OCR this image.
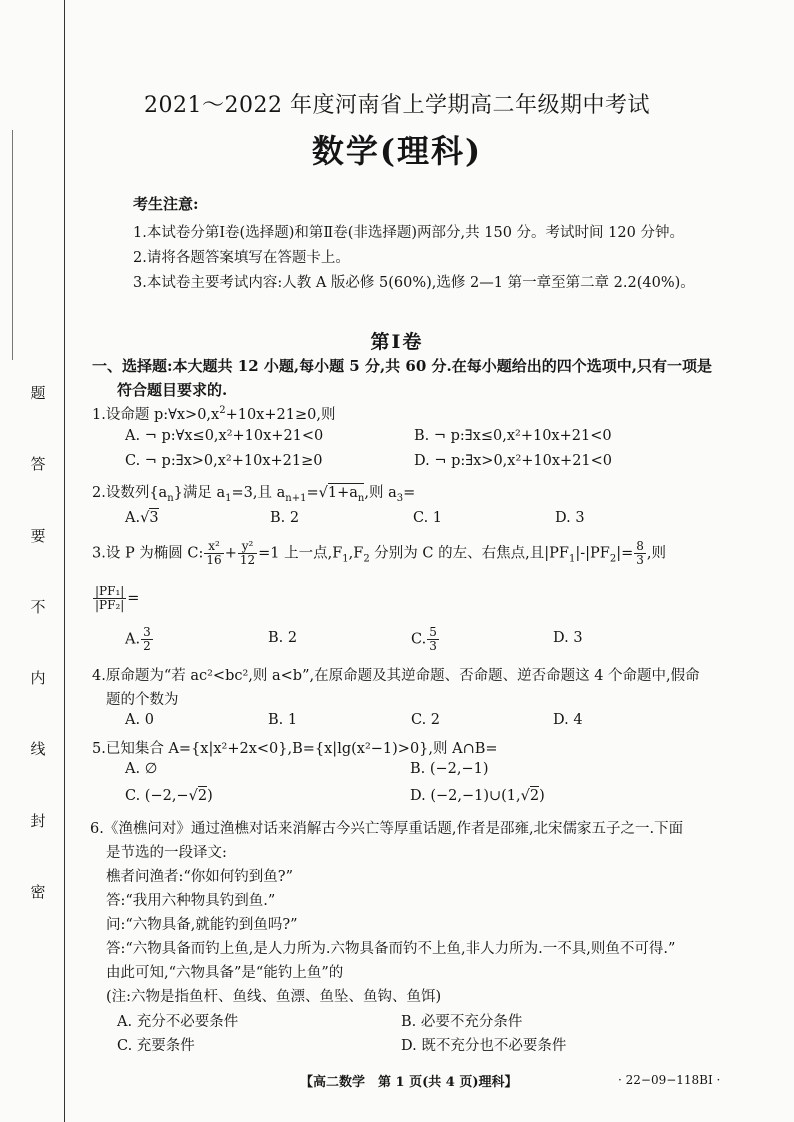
题
答
要
不
内
线
封
密
2021～2022 年度河南省上学期高二年级期中考试
数学(理科)
考生注意:
1.本试卷分第Ⅰ卷(选择题)和第Ⅱ卷(非选择题)两部分,共 150 分。考试时间 120 分钟。
2.请将各题答案填写在答题卡上。
3.本试卷主要考试内容:人教 A 版必修 5(60%),选修 2—1 第一章至第二章 2.2(40%)。
第Ⅰ卷
一、选择题:本大题共 12 小题,每小题 5 分,共 60 分.在每小题给出的四个选项中,只有一项是
符合题目要求的.
1.设命题 $p:\forall x>0,x^2+10x+21\ge 0$,则
A. ¬ p:∀x≤0,x²+10x+21<0	B. ¬ p:∃x≤0,x²+10x+21<0
C. ¬ p:∃x>0,x²+10x+21≥0	D. ¬ p:∃x>0,x²+10x+21<0
2.设数列$\{a_n\}$满足 $a_1=3$,且 $a_{n+1}=√1+a_n$,则 $a_3=$
A.√3	B. 2	C. 1	D. 3
3.设 P 为椭圆 C: $\frac{\text{x²}}{16} + \frac{\text{y²}}{12} =1$ 上一点$,F_1,F_2$ 分别为 C 的左、右焦点,且$|PF_1|-|PF_2|= \frac{8}{3}$ ,则
$\frac{\text{|PF₁|}}{\text{|PF₂|}}$ =
A. $\frac{3}{2}$	B. 2	C. $\frac{5}{3}$	D. 3
4.原命题为“若 ac²<bc²,则 a<b”,在原命题及其逆命题、否命题、逆否命题这 4 个命题中,假命
题的个数为
A. 0	B. 1	C. 2	D. 4
5.已知集合 A={x|x²+2x<0},B={x|lg(x²−1)>0},则 A∩B=
A. ∅	B. (−2,−1)
C. (−2,−√2)	D. (−2,−1)∪(1,√2)
6.《渔樵问对》通过渔樵对话来消解古今兴亡等厚重话题,作者是邵雍,北宋儒家五子之一.下面
是节选的一段译文:
樵者问渔者:“你如何钓到鱼?”
答:“我用六种物具钓到鱼.”
问:“六物具备,就能钓到鱼吗?”
答:“六物具备而钓上鱼,是人力所为.六物具备而钓不上鱼,非人力所为.一不具,则鱼不可得.”
由此可知,“六物具备”是“能钓上鱼”的
(注:六物是指鱼杆、鱼线、鱼漂、鱼坠、鱼钩、鱼饵)
A. 充分不必要条件	B. 必要不充分条件
C. 充要条件	D. 既不充分也不必要条件
【高二数学　第 1 页(共 4 页)理科】	· 22−09−118BI ·
